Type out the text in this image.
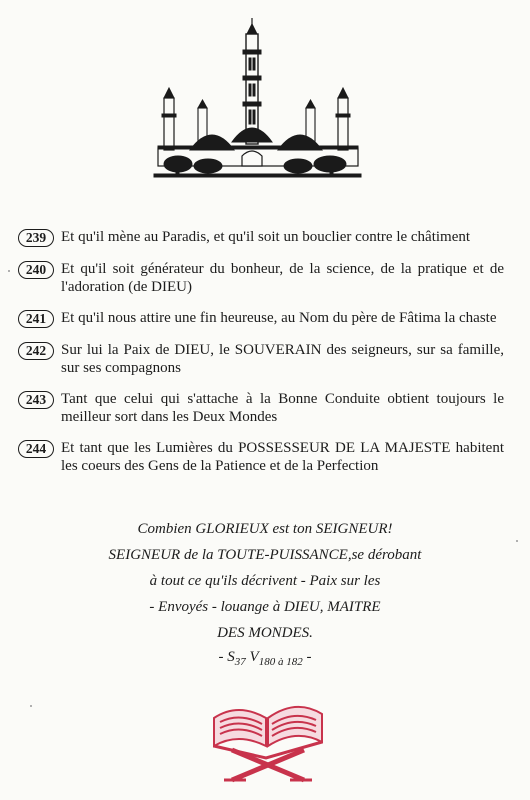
239 Et qu'il mène au Paradis, et qu'il soit un bouclier contre le châtiment
240 Et qu'il soit générateur du bonheur, de la science, de la pratique et de l'adoration (de DIEU)
241 Et qu'il nous attire une fin heureuse, au Nom du père de Fâtima la chaste
242 Sur lui la Paix de DIEU, le SOUVERAIN des seigneurs, sur sa famille, sur ses compagnons
243 Tant que celui qui s'attache à la Bonne Conduite obtient toujours le meilleur sort dans les Deux Mondes
244 Et tant que les Lumières du POSSESSEUR DE LA MAJESTE habitent les coeurs des Gens de la Patience et de la Perfection
Combien GLORIEUX est ton SEIGNEUR!
SEIGNEUR de la TOUTE-PUISSANCE,se dérobant
à tout ce qu'ils décrivent - Paix sur les
- Envoyés - louange à DIEU, MAITRE
DES MONDES.
- $S_{37}$ $V_{180 à 182}$ -
